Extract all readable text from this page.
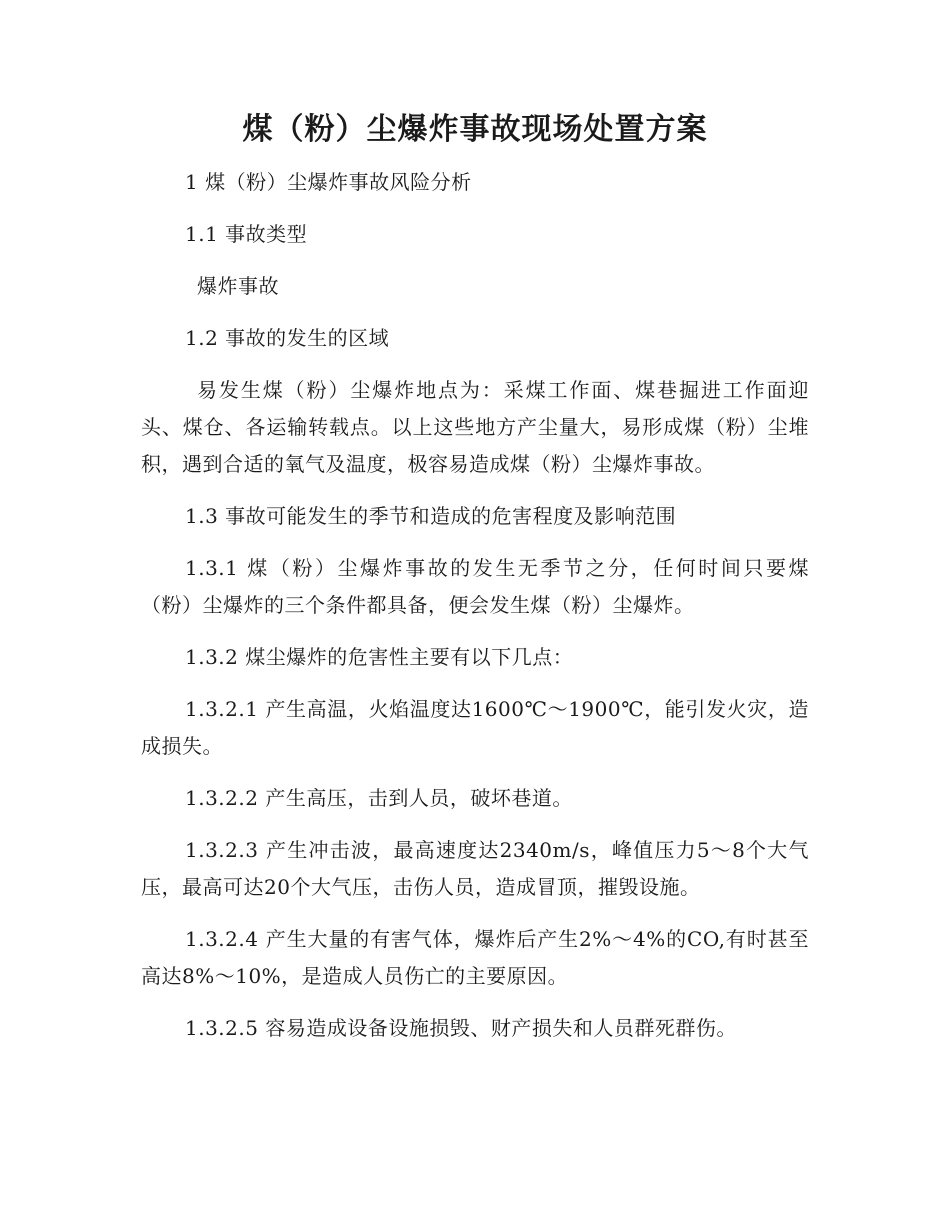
煤（粉）尘爆炸事故现场处置方案

1 煤（粉）尘爆炸事故风险分析

1.1 事故类型

爆炸事故

1.2 事故的发生的区域

易发生煤（粉）尘爆炸地点为：采煤工作面、煤巷掘进工作面迎头、煤仓、各运输转载点。以上这些地方产尘量大，易形成煤（粉）尘堆积，遇到合适的氧气及温度，极容易造成煤（粉）尘爆炸事故。

1.3 事故可能发生的季节和造成的危害程度及影响范围

1.3.1 煤（粉）尘爆炸事故的发生无季节之分，任何时间只要煤（粉）尘爆炸的三个条件都具备，便会发生煤（粉）尘爆炸。

1.3.2 煤尘爆炸的危害性主要有以下几点：

1.3.2.1 产生高温，火焰温度达1600℃～1900℃，能引发火灾，造成损失。

1.3.2.2 产生高压，击到人员，破坏巷道。

1.3.2.3 产生冲击波，最高速度达2340m/s，峰值压力5～8个大气压，最高可达20个大气压，击伤人员，造成冒顶，摧毁设施。

1.3.2.4 产生大量的有害气体，爆炸后产生2%～4%的CO,有时甚至高达8%～10%，是造成人员伤亡的主要原因。

1.3.2.5 容易造成设备设施损毁、财产损失和人员群死群伤。
